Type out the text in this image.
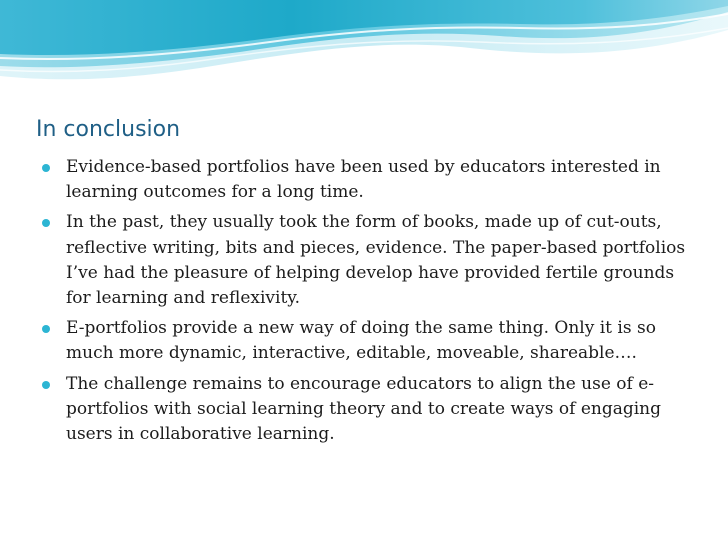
In conclusion
Evidence-based portfolios have been used by educators interested in learning outcomes for a long time.
In the past, they usually took the form of books, made up of cut-outs, reflective writing, bits and pieces, evidence. The paper-based portfolios I’ve had the pleasure of helping develop have provided fertile grounds for learning and reflexivity.
E-portfolios provide a new way of doing the same thing. Only it is so much more dynamic, interactive, editable, moveable, shareable….
The challenge remains to encourage educators to align the use of e-portfolios with social learning theory and to create ways of engaging users in collaborative learning.
